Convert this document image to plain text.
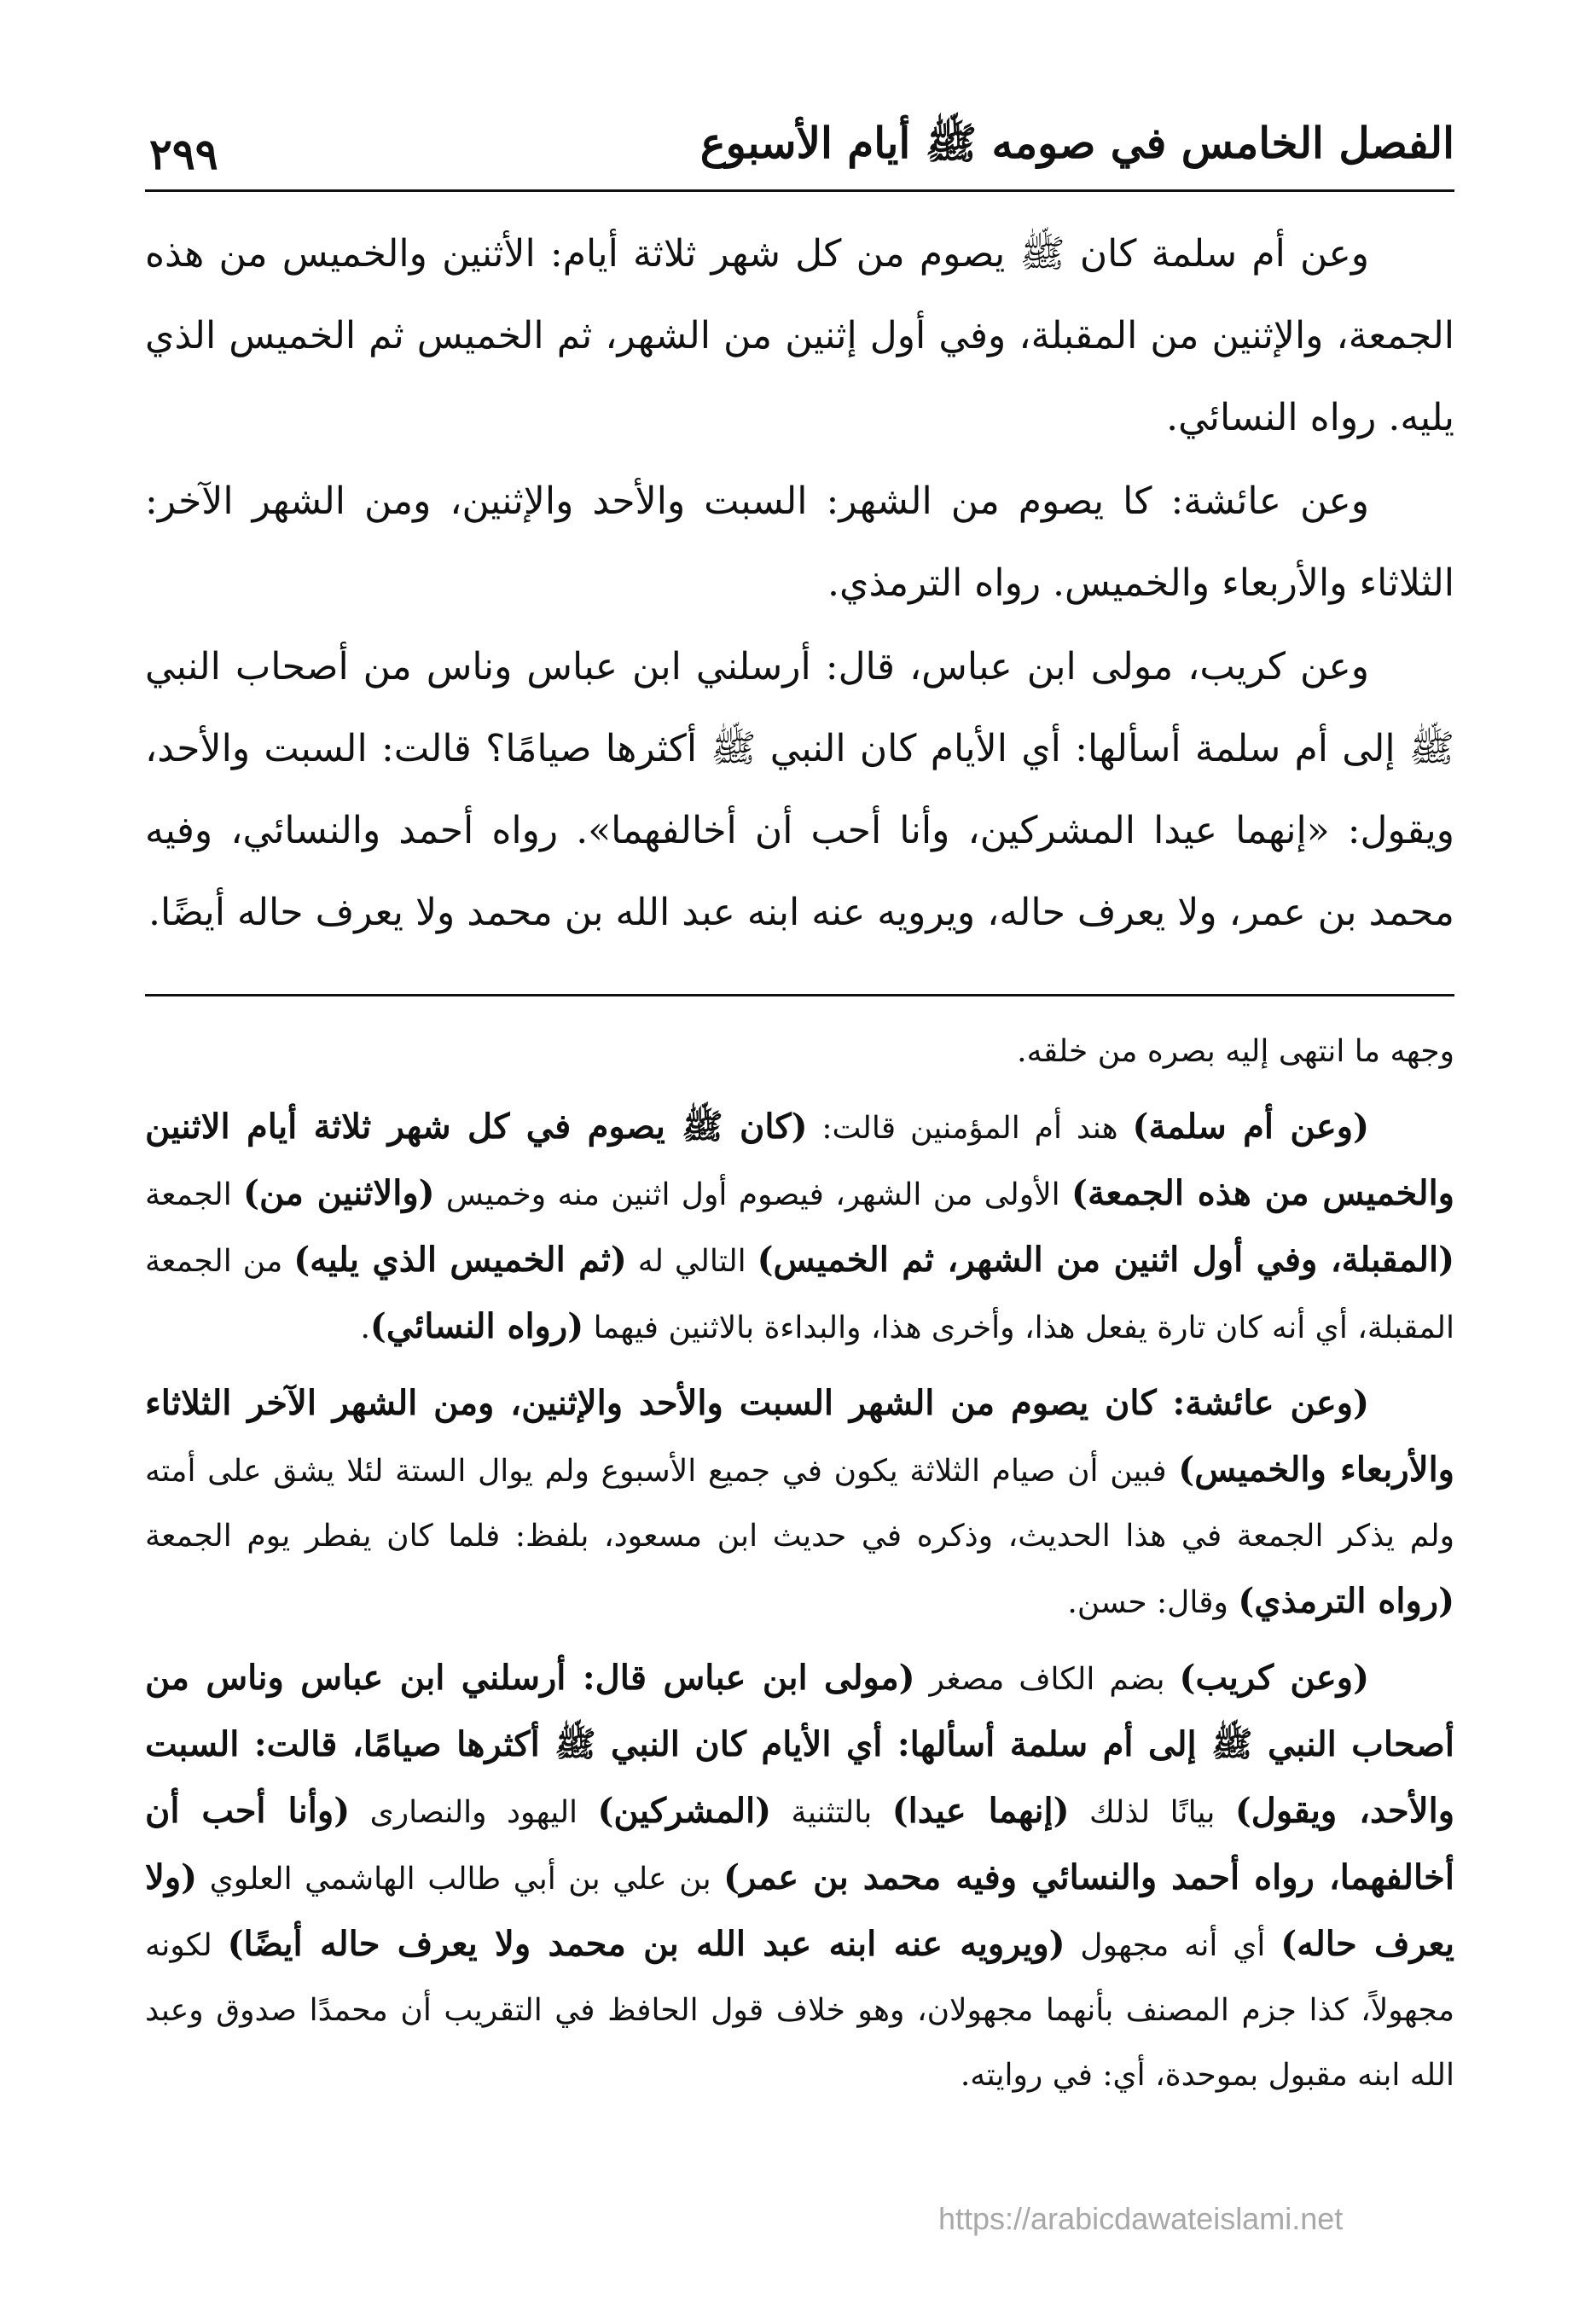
الفصل الخامس في صومه ﷺ أيام الأسبوع
٢٩٩

وعن أم سلمة كان ﷺ يصوم من كل شهر ثلاثة أيام: الأثنين والخميس من هذه الجمعة، والإثنين من المقبلة، وفي أول إثنين من الشهر، ثم الخميس ثم الخميس الذي يليه. رواه النسائي.

وعن عائشة: كا يصوم من الشهر: السبت والأحد والإثنين، ومن الشهر الآخر: الثلاثاء والأربعاء والخميس. رواه الترمذي.

وعن كريب، مولى ابن عباس، قال: أرسلني ابن عباس وناس من أصحاب النبي ﷺ إلى أم سلمة أسألها: أي الأيام كان النبي ﷺ أكثرها صيامًا؟ قالت: السبت والأحد، ويقول: «إنهما عيدا المشركين، وأنا أحب أن أخالفهما». رواه أحمد والنسائي، وفيه محمد بن عمر، ولا يعرف حاله، ويرويه عنه ابنه عبد الله بن محمد ولا يعرف حاله أيضًا.

وجهه ما انتهى إليه بصره من خلقه.

(وعن أم سلمة) هند أم المؤمنين قالت: (كان ﷺ يصوم في كل شهر ثلاثة أيام الاثنين والخميس من هذه الجمعة) الأولى من الشهر، فيصوم أول اثنين منه وخميس (والاثنين من) الجمعة (المقبلة، وفي أول اثنين من الشهر، ثم الخميس) التالي له (ثم الخميس الذي يليه) من الجمعة المقبلة، أي أنه كان تارة يفعل هذا، وأخرى هذا، والبداءة بالاثنين فيهما (رواه النسائي).

(وعن عائشة: كان يصوم من الشهر السبت والأحد والإثنين، ومن الشهر الآخر الثلاثاء والأربعاء والخميس) فبين أن صيام الثلاثة يكون في جميع الأسبوع ولم يوال الستة لئلا يشق على أمته ولم يذكر الجمعة في هذا الحديث، وذكره في حديث ابن مسعود، بلفظ: فلما كان يفطر يوم الجمعة (رواه الترمذي) وقال: حسن.

(وعن كريب) بضم الكاف مصغر (مولى ابن عباس قال: أرسلني ابن عباس وناس من أصحاب النبي ﷺ إلى أم سلمة أسألها: أي الأيام كان النبي ﷺ أكثرها صيامًا، قالت: السبت والأحد، ويقول) بيانًا لذلك (إنهما عيدا) بالتثنية (المشركين) اليهود والنصارى (وأنا أحب أن أخالفهما، رواه أحمد والنسائي وفيه محمد بن عمر) بن علي بن أبي طالب الهاشمي العلوي (ولا يعرف حاله) أي أنه مجهول (ويرويه عنه ابنه عبد الله بن محمد ولا يعرف حاله أيضًا) لكونه مجهولاً، كذا جزم المصنف بأنهما مجهولان، وهو خلاف قول الحافظ في التقريب أن محمدًا صدوق وعبد الله ابنه مقبول بموحدة، أي: في روايته.

https://arabicdawateislami.net
